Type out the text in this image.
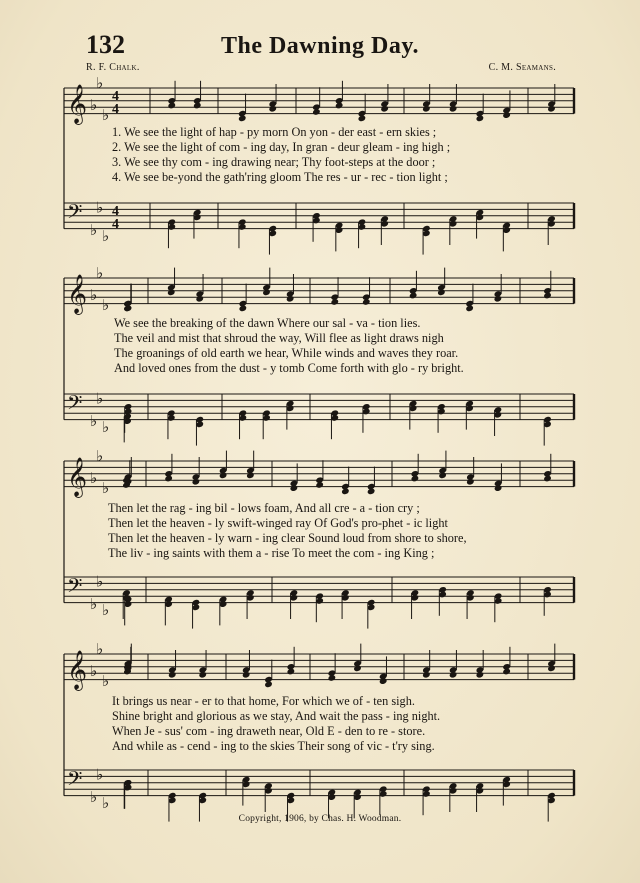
132	The Dawning Day.
R. F. Chalk.	C. M. Seamans.
𝄞 ♭
♭
♭
4
4
𝄢
♭
♭
♭
4
4
𝄞 ♭
♭
♭
𝄢
♭
♭
♭
𝄞 ♭
♭
♭
𝄢
♭
♭
♭
𝄞 ♭
♭
♭
𝄢
♭
♭
♭
1. We see the light of hap - py morn On yon - der east - ern skies ;
2. We see the light of com - ing day, In gran - deur gleam - ing high ;
3. We see thy com - ing drawing near; Thy foot-steps at the door ;
4. We see be-yond the gath'ring gloom The res - ur - rec - tion light ;
We see the breaking of the dawn Where our sal - va - tion lies.
The veil and mist that shroud the way, Will flee as light draws nigh
The groanings of old earth we hear, While winds and waves they roar.
And loved ones from the dust - y tomb Come forth with glo - ry bright.
Then let the rag - ing bil - lows foam, And all cre - a - tion cry ;
Then let the heaven - ly swift-winged ray Of God's pro-phet - ic light
Then let the heaven - ly warn - ing clear Sound loud from shore to shore,
The liv - ing saints with them a - rise To meet the com - ing King ;
It brings us near - er to that home, For which we of - ten sigh.
Shine bright and glorious as we stay, And wait the pass - ing night.
When Je - sus' com - ing draweth near, Old E - den to re - store.
And while as - cend - ing to the skies Their song of vic - t'ry sing.
Copyright, 1906, by Chas. H. Woodman.
